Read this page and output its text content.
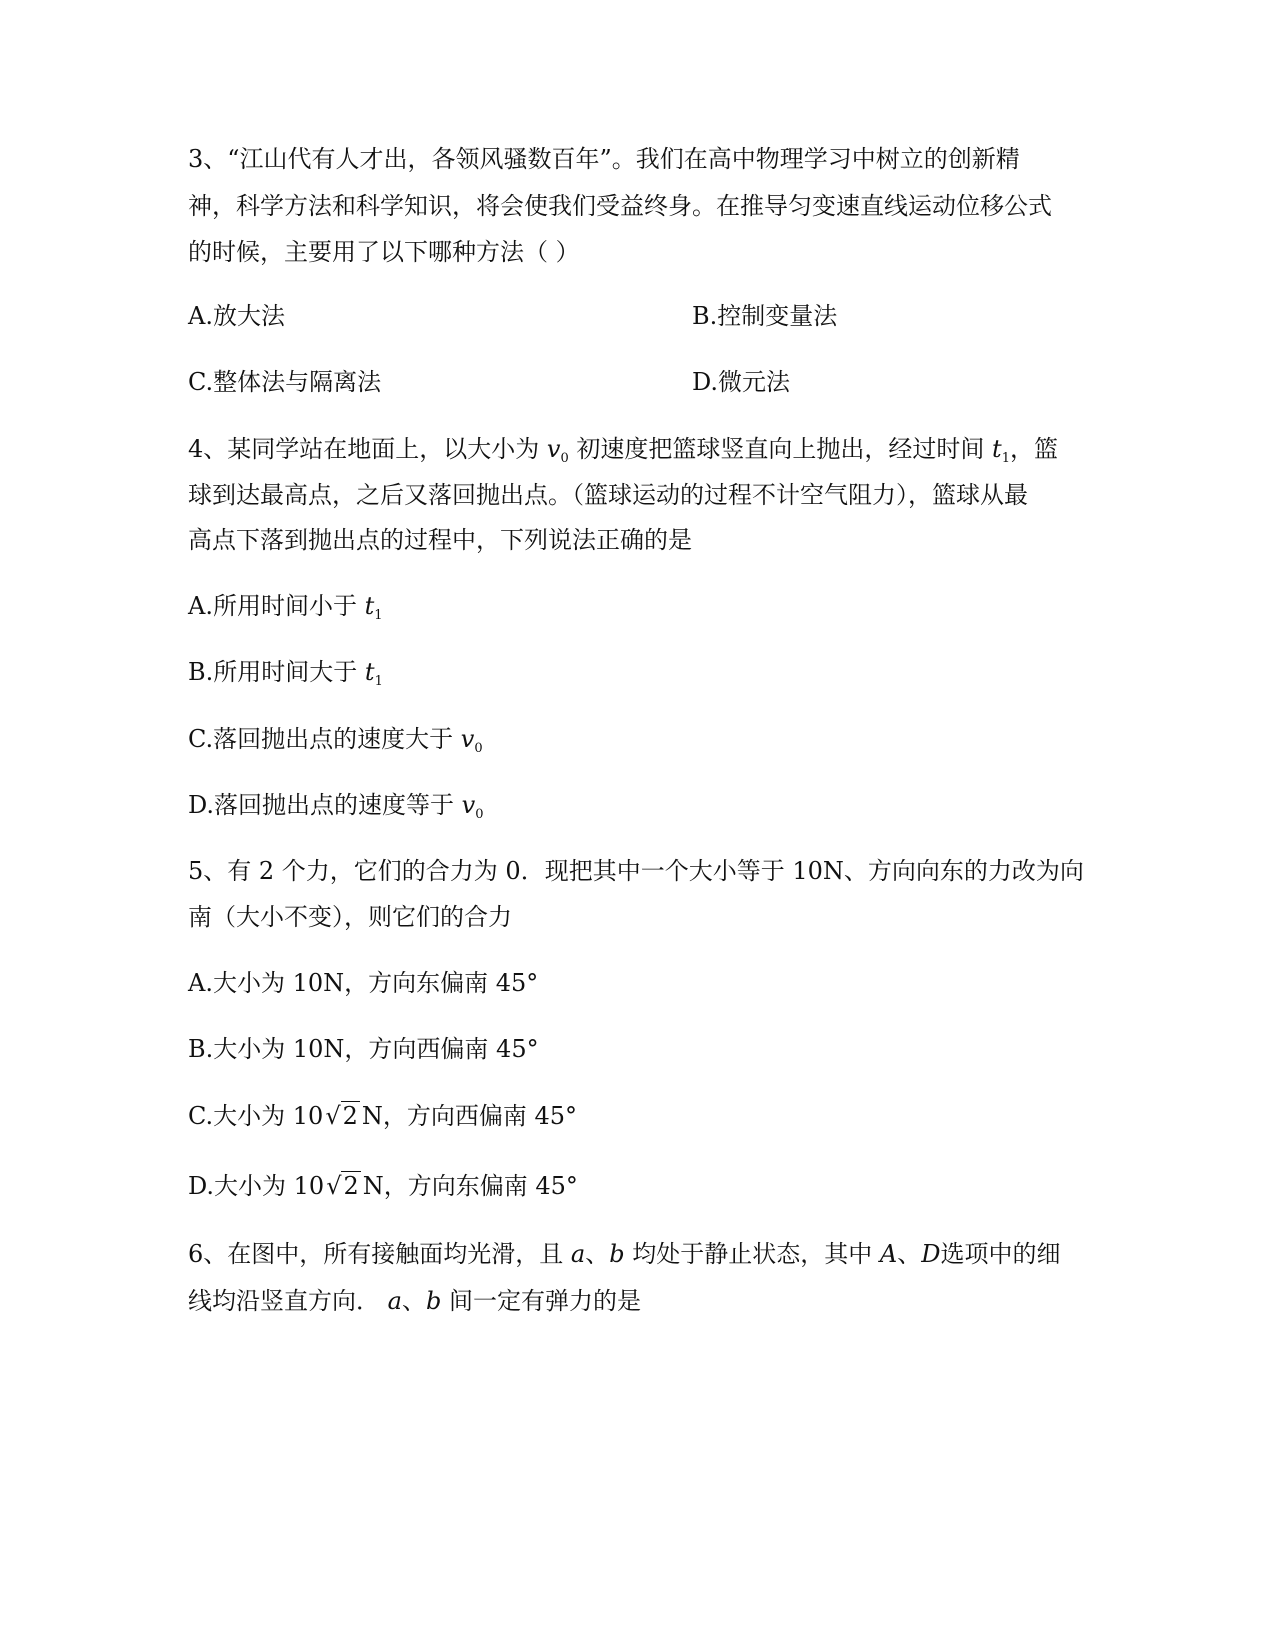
3、“江山代有人才出，各领风骚数百年”。我们在高中物理学习中树立的创新精
神，科学方法和科学知识，将会使我们受益终身。在推导匀变速直线运动位移公式
的时候，主要用了以下哪种方法（ ）
A.放大法	B.控制变量法
C.整体法与隔离法	D.微元法
4、某同学站在地面上，以大小为 $v_0$ 初速度把篮球竖直向上抛出，经过时间 $t_1$，篮
球到达最高点，之后又落回抛出点。（篮球运动的过程不计空气阻力），篮球从最
高点下落到抛出点的过程中，下列说法正确的是
A.所用时间小于 $t_1$
B.所用时间大于 $t_1$
C.落回抛出点的速度大于 $v_0$
D.落回抛出点的速度等于 $v_0$
5、有 2 个力，它们的合力为 0．现把其中一个大小等于 10N、方向向东的力改为向
南（大小不变），则它们的合力
A.大小为 10N，方向东偏南 45°
B.大小为 10N，方向西偏南 45°
C.大小为 10√2 N，方向西偏南 45°
D.大小为 10√2 N，方向东偏南 45°
6、在图中，所有接触面均光滑，且 a、b 均处于静止状态，其中 A、D选项中的细
线均沿竖直方向． a、b 间一定有弹力的是
